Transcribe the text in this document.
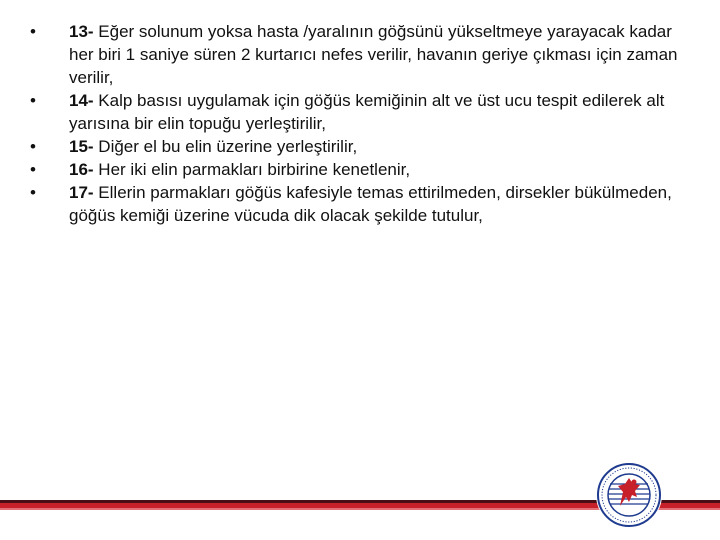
•	13- Eğer solunum yoksa hasta /yaralının göğsünü yükseltmeye yarayacak kadar her biri 1 saniye süren 2 kurtarıcı nefes verilir, havanın geriye çıkması için zaman verilir,
•	14- Kalp basısı uygulamak için göğüs kemiğinin alt ve üst ucu tespit edilerek alt yarısına bir elin topuğu yerleştirilir,
•	15- Diğer el bu elin üzerine yerleştirilir,
•	16- Her iki elin parmakları birbirine kenetlenir,
•	17- Ellerin parmakları göğüs kafesiyle temas ettirilmeden, dirsekler bükülmeden, göğüs kemiği üzerine vücuda dik olacak şekilde tutulur,
